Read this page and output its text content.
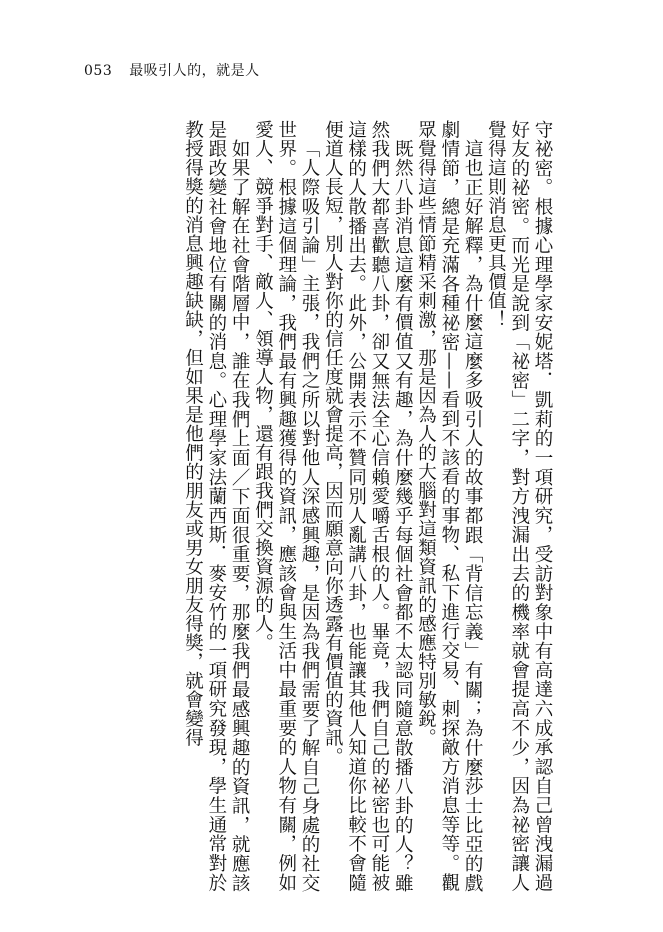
053 最吸引人的，就是人

守祕密。根據心理學家安妮塔．凱莉的一項研究，受訪對象中有高達六成承認自己曾洩漏過好友的祕密。而光是說到「祕密」二字，對方洩漏出去的機率就會提高不少，因為祕密讓人覺得這則消息更具價值！

這也正好解釋，為什麼這麼多吸引人的故事都跟「背信忘義」有關；為什麼莎士比亞的戲劇情節，總是充滿各種祕密——看到不該看的事物、私下進行交易、刺探敵方消息等等。觀眾覺得這些情節精采刺激，那是因為人的大腦對這類資訊的感應特別敏銳。

既然八卦消息這麼有價值又有趣，為什麼幾乎每個社會都不太認同隨意散播八卦的人？雖然我們大都喜歡聽八卦，卻又無法全心信賴愛嚼舌根的人。畢竟，我們自己的祕密也可能被這樣的人散播出去。此外，公開表示不贊同別人亂講八卦，也能讓其他人知道你比較不會隨便道人長短，別人對你的信任度就會提高，因而願意向你透露有價值的資訊。

「人際吸引論」主張，我們之所以對他人深感興趣，是因為我們需要了解自己身處的社交世界。根據這個理論，我們最有興趣獲得的資訊，應該會與生活中最重要的人物有關，例如愛人、競爭對手、敵人、領導人物，還有跟我們交換資源的人。

如果了解在社會階層中，誰在我們上面／下面很重要，那麼我們最感興趣的資訊，就應該是跟改變社會地位有關的消息。心理學家法蘭西斯．麥安竹的一項研究發現，學生通常對於教授得獎的消息興趣缺缺，但如果是他們的朋友或男女朋友得獎，就會變得
